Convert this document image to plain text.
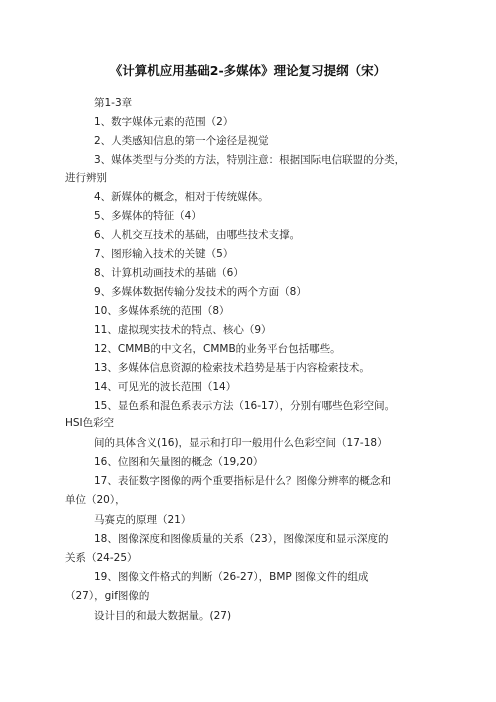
《计算机应用基础2-多媒体》理论复习提纲（宋）
第1-3章
1、数字媒体元素的范围（2）
2、人类感知信息的第一个途径是视觉
3、媒体类型与分类的方法，特别注意：根据国际电信联盟的分类，
进行辨别
4、新媒体的概念，相对于传统媒体。
5、多媒体的特征（4）
6、人机交互技术的基础，由哪些技术支撑。
7、图形输入技术的关键（5）
8、计算机动画技术的基础（6）
9、多媒体数据传输分发技术的两个方面（8）
10、多媒体系统的范围（8）
11、虚拟现实技术的特点、核心（9）
12、CMMB的中文名，CMMB的业务平台包括哪些。
13、多媒体信息资源的检索技术趋势是基于内容检索技术。
14、可见光的波长范围（14）
15、显色系和混色系表示方法（16-17），分别有哪些色彩空间。
HSI色彩空
间的具体含义(16)，显示和打印一般用什么色彩空间（17-18）
16、位图和矢量图的概念（19,20）
17、表征数字图像的两个重要指标是什么？图像分辨率的概念和
单位（20），
马赛克的原理（21）
18、图像深度和图像质量的关系（23），图像深度和显示深度的
关系（24-25）
19、图像文件格式的判断（26-27），BMP 图像文件的组成
（27），gif图像的
设计目的和最大数据量。(27)
